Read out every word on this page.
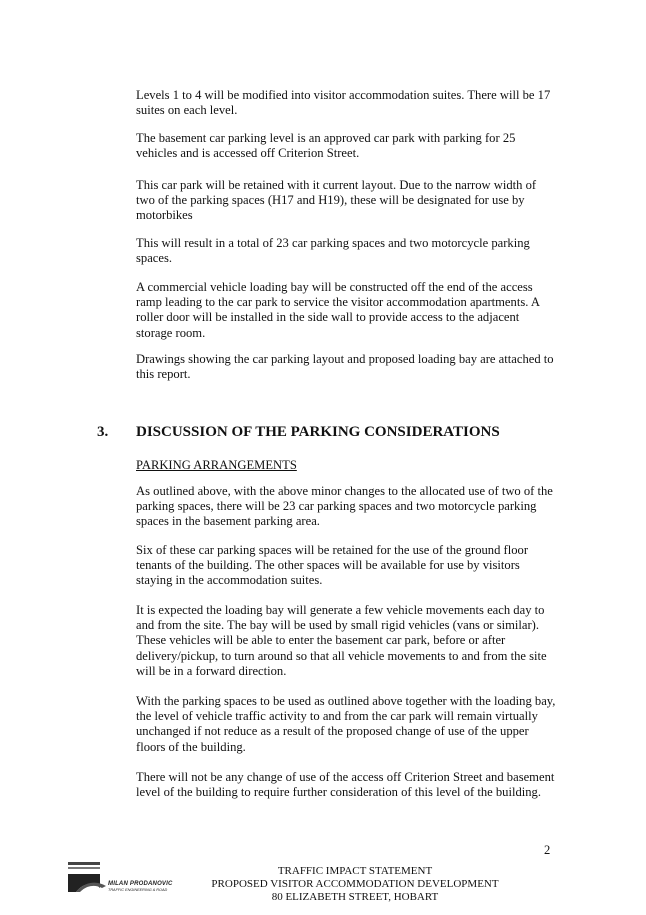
Levels 1 to 4 will be modified into visitor accommodation suites. There will be 17 suites on each level.

The basement car parking level is an approved car park with parking for 25 vehicles and is accessed off Criterion Street.

This car park will be retained with it current layout. Due to the narrow width of two of the parking spaces (H17 and H19), these will be designated for use by motorbikes

This will result in a total of 23 car parking spaces and two motorcycle parking spaces.

A commercial vehicle loading bay will be constructed off the end of the access ramp leading to the car park to service the visitor accommodation apartments. A roller door will be installed in the side wall to provide access to the adjacent storage room.

Drawings showing the car parking layout and proposed loading bay are attached to this report.

3. DISCUSSION OF THE PARKING CONSIDERATIONS
PARKING ARRANGEMENTS

As outlined above, with the above minor changes to the allocated use of two of the parking spaces, there will be 23 car parking spaces and two motorcycle parking spaces in the basement parking area.

Six of these car parking spaces will be retained for the use of the ground floor tenants of the building. The other spaces will be available for use by visitors staying in the accommodation suites.

It is expected the loading bay will generate a few vehicle movements each day to and from the site. The bay will be used by small rigid vehicles (vans or similar). These vehicles will be able to enter the basement car park, before or after delivery/pickup, to turn around so that all vehicle movements to and from the site will be in a forward direction.

With the parking spaces to be used as outlined above together with the loading bay, the level of vehicle traffic activity to and from the car park will remain virtually unchanged if not reduce as a result of the proposed change of use of the upper floors of the building.

There will not be any change of use of the access off Criterion Street and basement level of the building to require further consideration of this level of the building.

2
MILAN PRODANOVIC
TRAFFIC ENGINEERING & ROAD
TRAFFIC IMPACT STATEMENT
PROPOSED VISITOR ACCOMMODATION DEVELOPMENT
80 ELIZABETH STREET, HOBART
